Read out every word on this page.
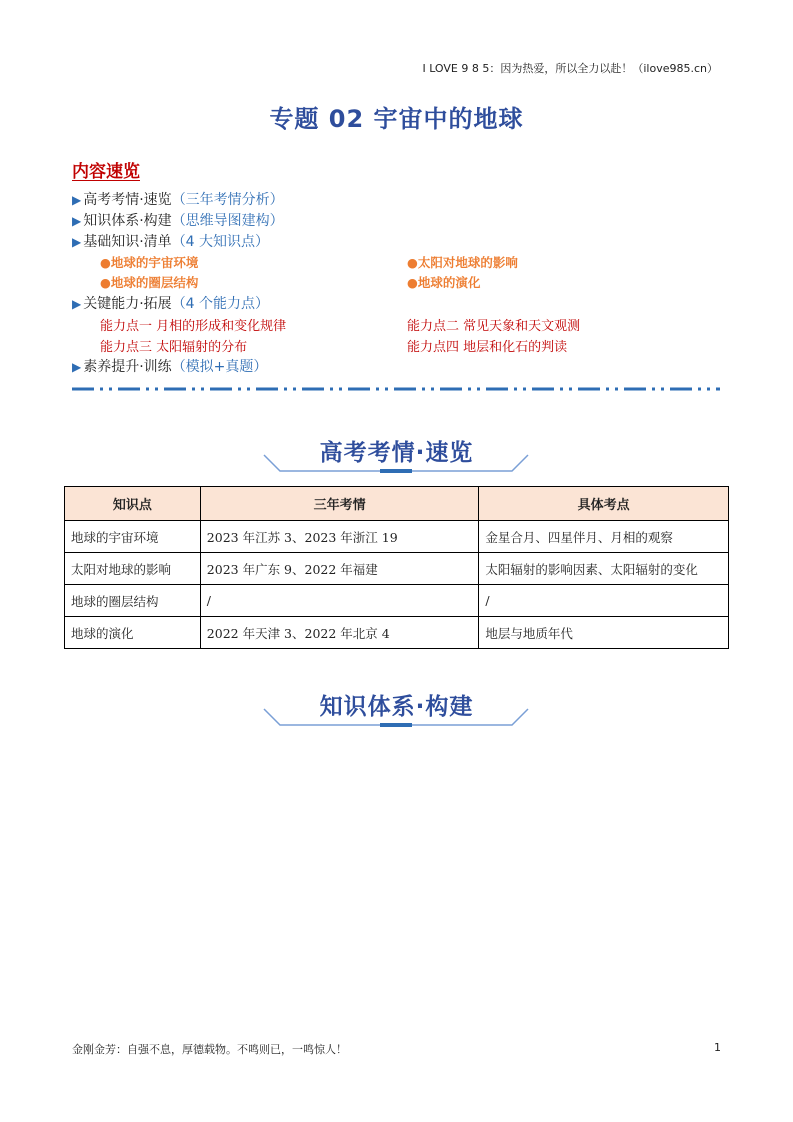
I LOVE 9 8 5：因为热爱，所以全力以赴！（ilove985.cn）
专题 02 宇宙中的地球
内容速览
▶ 高考考情·速览（三年考情分析）
▶ 知识体系·构建（思维导图建构）
▶ 基础知识·清单（4 大知识点）
●地球的宇宙环境	●太阳对地球的影响
●地球的圈层结构	●地球的演化
▶ 关键能力·拓展（4 个能力点）
能力点一 月相的形成和变化规律	能力点二 常见天象和天文观测
能力点三 太阳辐射的分布	能力点四 地层和化石的判读
▶ 素养提升·训练（模拟+真题）
高考考情·速览
知识点	三年考情	具体考点
地球的宇宙环境	2023 年江苏 3、2023 年浙江 19	金星合月、四星伴月、月相的观察
太阳对地球的影响	2023 年广东 9、2022 年福建	太阳辐射的影响因素、太阳辐射的变化
地球的圈层结构	/	/
地球的演化	2022 年天津 3、2022 年北京 4	地层与地质年代
知识体系·构建
金刚金芳：自强不息，厚德载物。不鸣则已，一鸣惊人！	1
